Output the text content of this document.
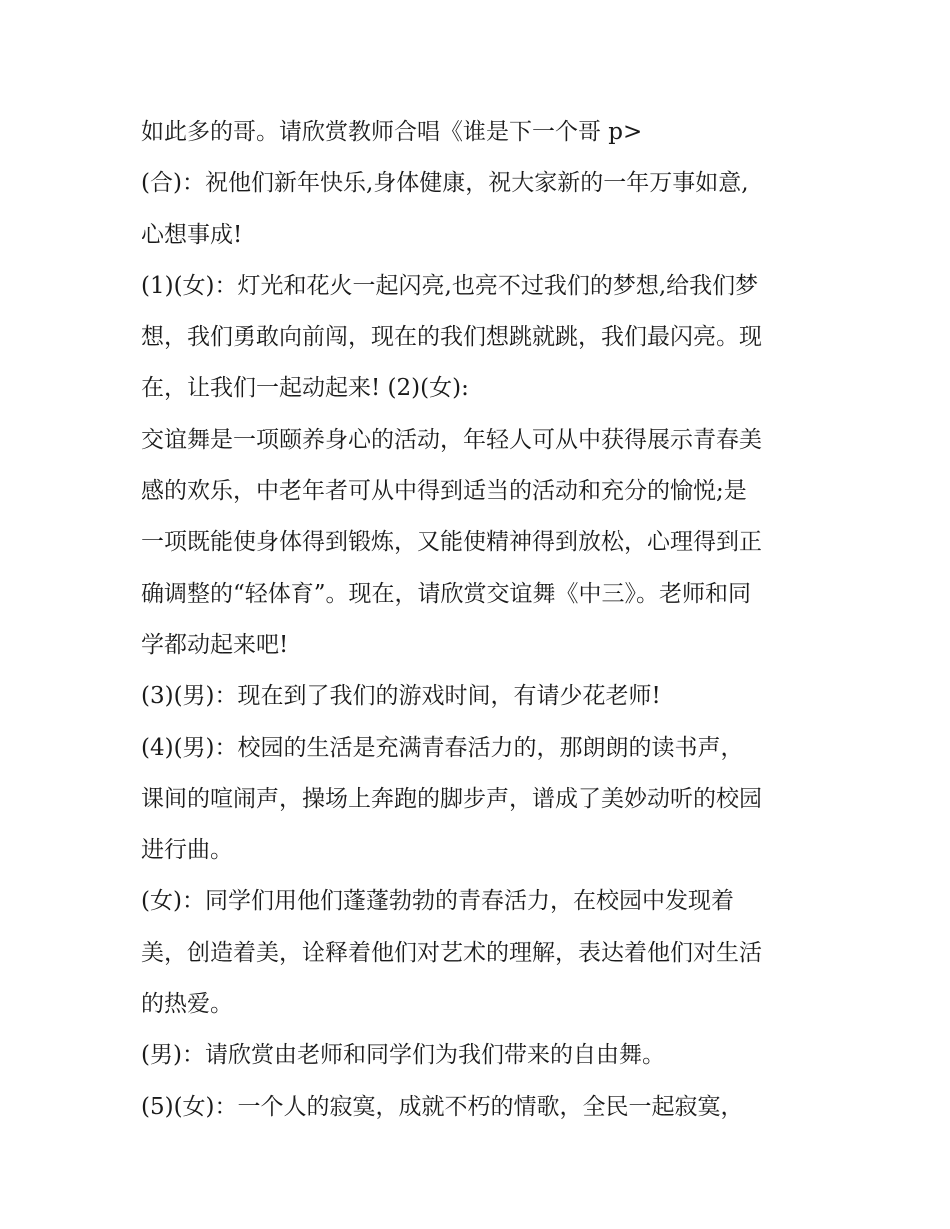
如此多的哥。请欣赏教师合唱《谁是下一个哥 p>
(合)：祝他们新年快乐,身体健康，祝大家新的一年万事如意,
心想事成!
(1)(女)：灯光和花火一起闪亮,也亮不过我们的梦想,给我们梦
想，我们勇敢向前闯，现在的我们想跳就跳，我们最闪亮。现
在，让我们一起动起来! (2)(女):
交谊舞是一项颐养身心的活动，年轻人可从中获得展示青春美
感的欢乐，中老年者可从中得到适当的活动和充分的愉悦;是
一项既能使身体得到锻炼，又能使精神得到放松，心理得到正
确调整的“轻体育”。现在，请欣赏交谊舞《中三》。老师和同
学都动起来吧!
(3)(男)：现在到了我们的游戏时间，有请少花老师!
(4)(男)：校园的生活是充满青春活力的，那朗朗的读书声，
课间的喧闹声，操场上奔跑的脚步声，谱成了美妙动听的校园
进行曲。
(女)：同学们用他们蓬蓬勃勃的青春活力，在校园中发现着
美，创造着美，诠释着他们对艺术的理解，表达着他们对生活
的热爱。
(男)：请欣赏由老师和同学们为我们带来的自由舞。
(5)(女)：一个人的寂寞，成就不朽的情歌，全民一起寂寞，
